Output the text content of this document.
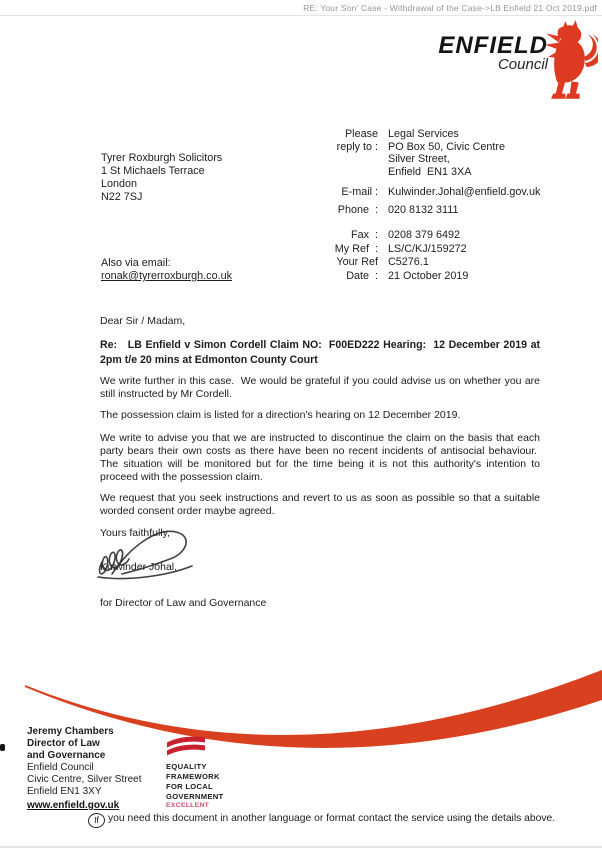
RE: Your Son' Case - Withdrawal of the Case->LB Enfield 21 Oct 2019.pdf
ENFIELD
Council
Tyrer Roxburgh Solicitors
1 St Michaels Terrace
London
N22 7SJ
Please
reply to :
Legal Services
PO Box 50, Civic Centre
Silver Street,
Enfield  EN1 3XA
E-mail : Kulwinder.Johal@enfield.gov.uk
Phone  : 020 8132 3111
Fax  : 0208 379 6492
My Ref  : LS/C/KJ/159272
Your Ref C5276.1
Date  : 21 October 2019
Also via email:
ronak@tyrerroxburgh.co.uk
Dear Sir / Madam,
Re:   LB Enfield v Simon Cordell Claim NO:  F00ED222 Hearing:  12 December 2019 at
2pm t/e 20 mins at Edmonton County Court
We write further in this case.  We would be grateful if you could advise us on whether you are still instructed by Mr Cordell.
The possession claim is listed for a direction's hearing on 12 December 2019.
We write to advise you that we are instructed to discontinue the claim on the basis that each party bears their own costs as there have been no recent incidents of antisocial behaviour.  The situation will be monitored but for the time being it is not this authority's intention to proceed with the possession claim.
We request that you seek instructions and revert to us as soon as possible so that a suitable worded consent order maybe agreed.
Yours faithfully,
Kulwinder Johal,
for Director of Law and Governance
Jeremy Chambers
Director of Law
and Governance
Enfield Council
Civic Centre, Silver Street
Enfield EN1 3XY
www.enfield.gov.uk
EQUALITY
FRAMEWORK
FOR LOCAL
GOVERNMENT
EXCELLENT
If you need this document in another language or format contact the service using the details above.
